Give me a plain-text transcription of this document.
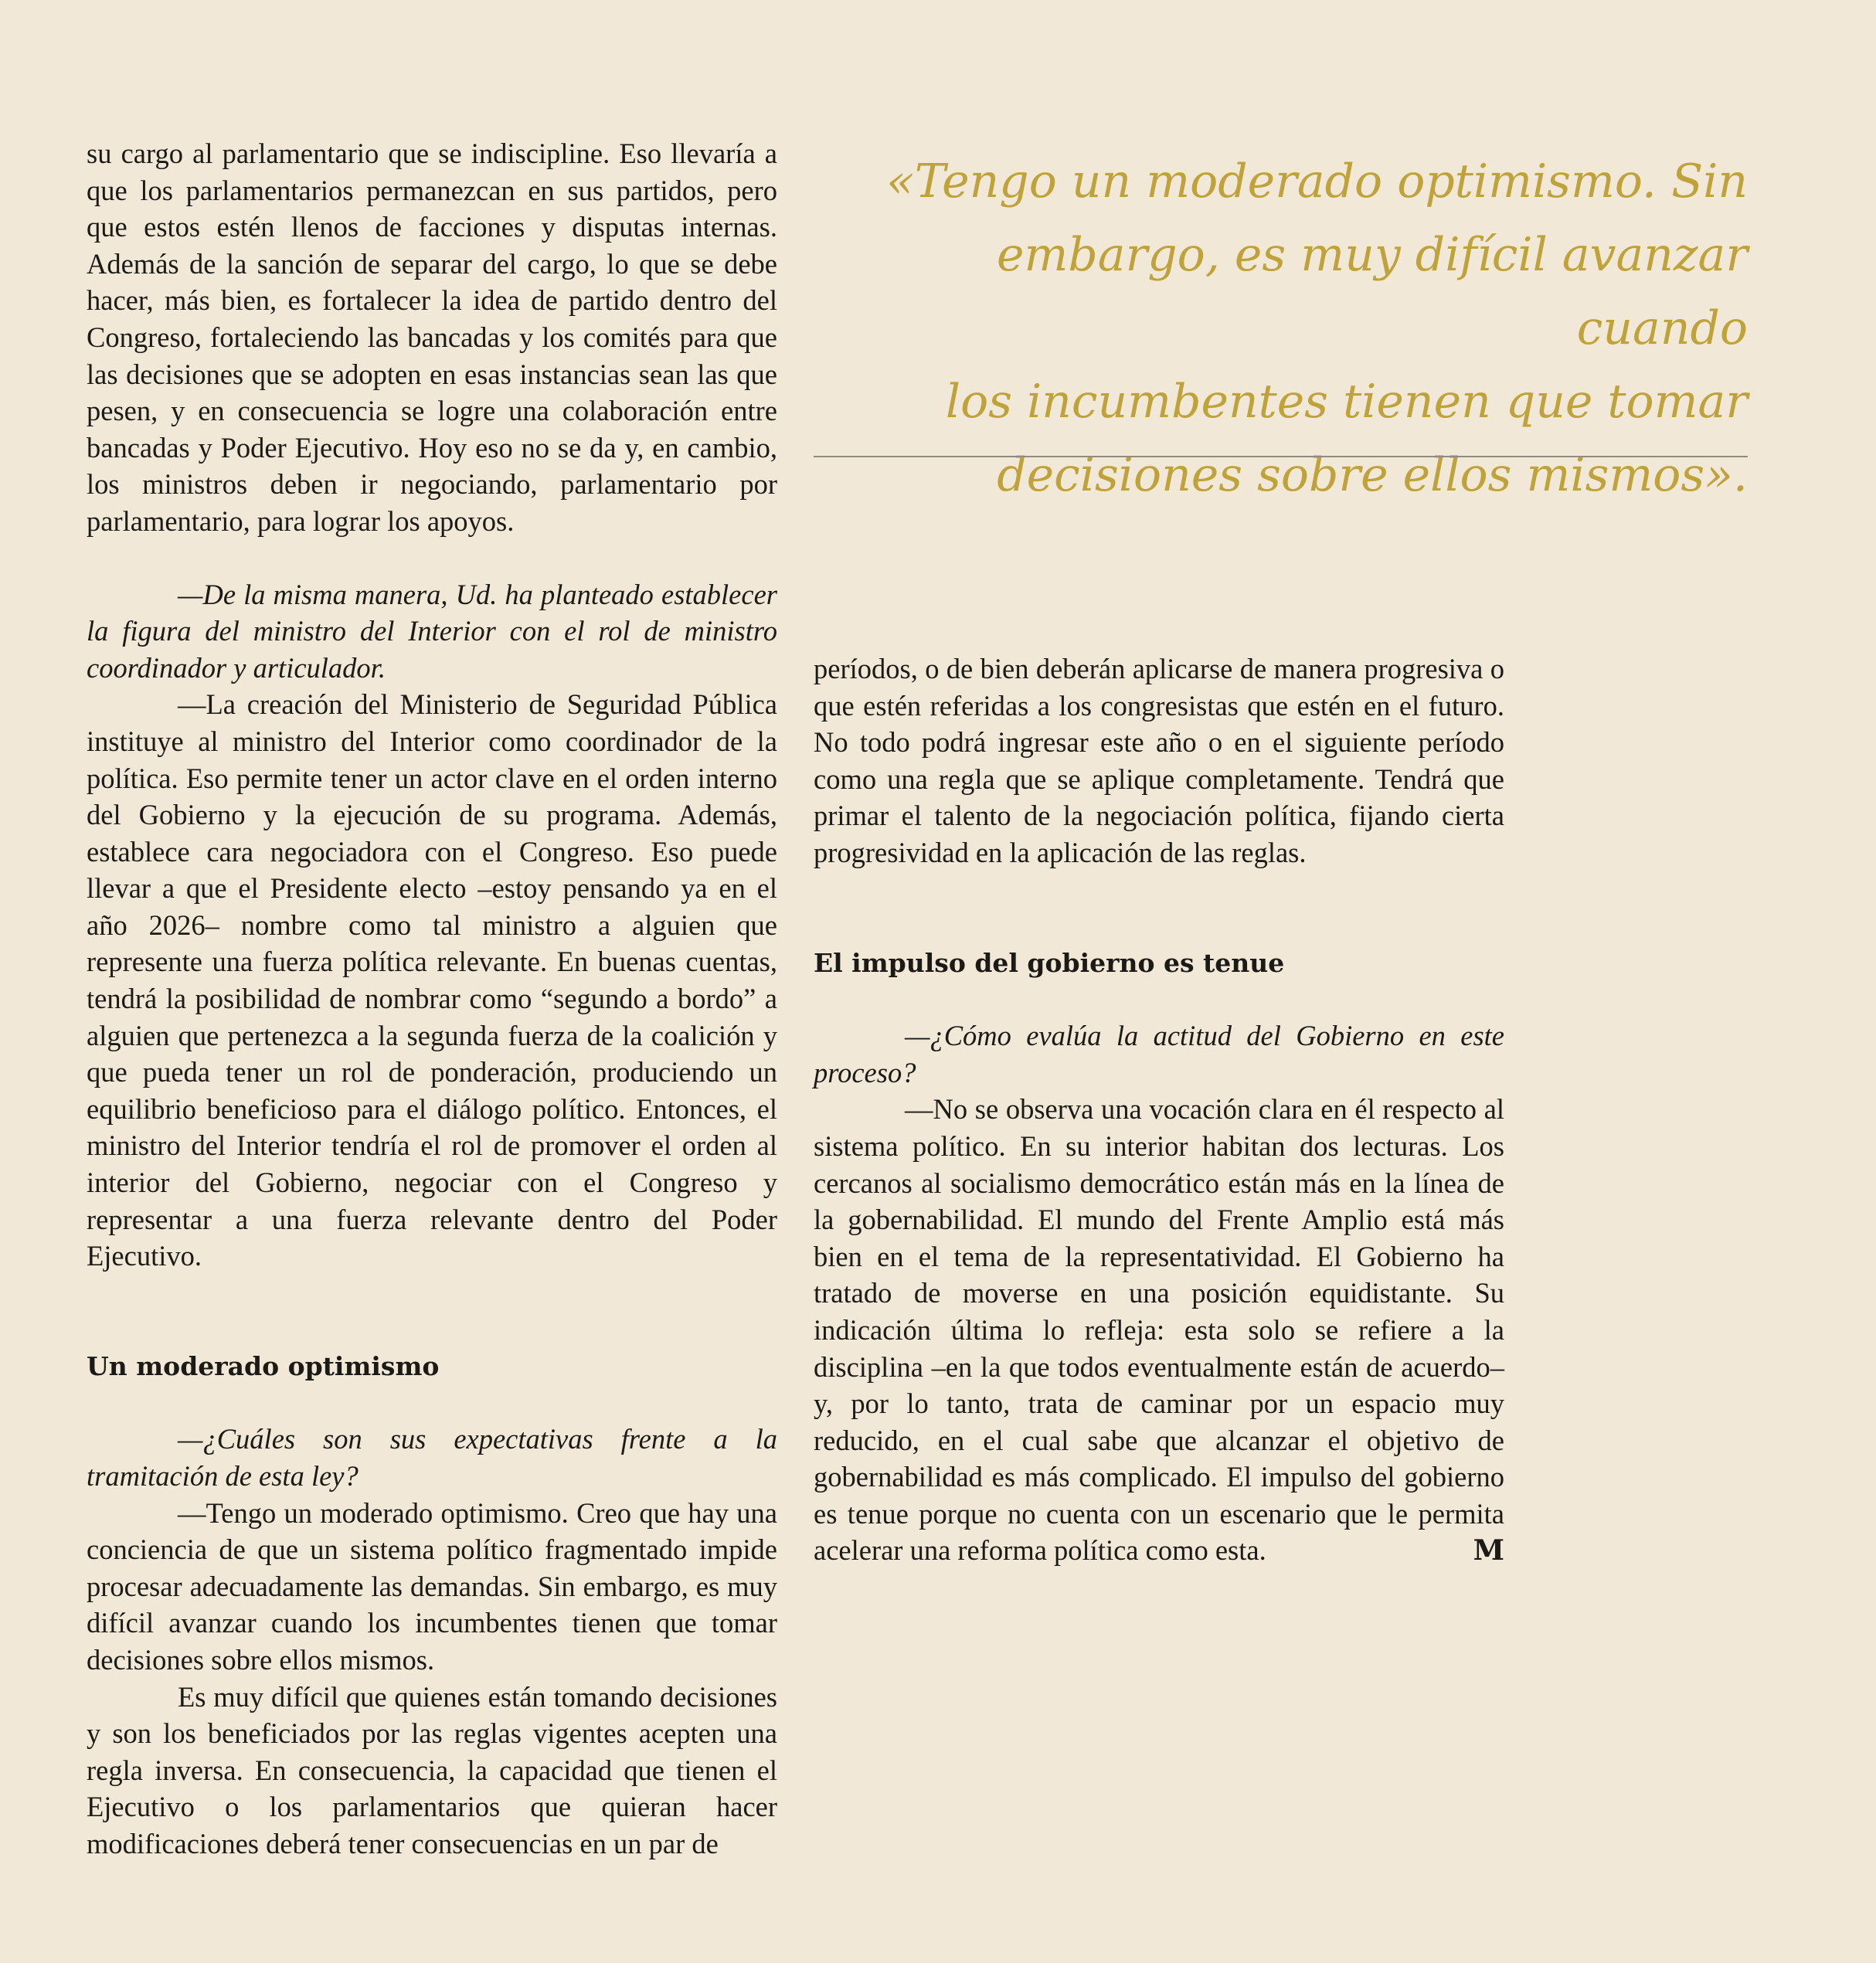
«Tengo un moderado optimismo. Sin
embargo, es muy difícil avanzar cuando
los incumbentes tienen que tomar
decisiones sobre ellos mismos».

su cargo al parlamentario que se indiscipline. Eso llevaría a que los parlamentarios permanezcan en sus partidos, pero que estos estén llenos de facciones y disputas internas. Además de la sanción de separar del cargo, lo que se debe hacer, más bien, es fortalecer la idea de partido dentro del Congreso, fortaleciendo las bancadas y los comités para que las decisiones que se adopten en esas instancias sean las que pesen, y en consecuencia se logre una colaboración entre bancadas y Poder Ejecutivo. Hoy eso no se da y, en cambio, los ministros deben ir negociando, parlamentario por parlamentario, para lograr los apoyos.

—De la misma manera, Ud. ha planteado establecer la figura del ministro del Interior con el rol de ministro coordinador y articulador.

—La creación del Ministerio de Seguridad Pública instituye al ministro del Interior como coordinador de la política. Eso permite tener un actor clave en el orden interno del Gobierno y la ejecución de su programa. Además, establece cara negociadora con el Congreso. Eso puede llevar a que el Presidente electo –estoy pensando ya en el año 2026– nombre como tal ministro a alguien que represente una fuerza política relevante. En buenas cuentas, tendrá la posibilidad de nombrar como “segundo a bordo” a alguien que pertenezca a la segunda fuerza de la coalición y que pueda tener un rol de ponderación, produciendo un equilibrio beneficioso para el diálogo político. Entonces, el ministro del Interior tendría el rol de promover el orden al interior del Gobierno, negociar con el Congreso y representar a una fuerza relevante dentro del Poder Ejecutivo.

Un moderado optimismo

—¿Cuáles son sus expectativas frente a la tramitación de esta ley?

—Tengo un moderado optimismo. Creo que hay una conciencia de que un sistema político fragmentado impide procesar adecuadamente las demandas. Sin embargo, es muy difícil avanzar cuando los incumbentes tienen que tomar decisiones sobre ellos mismos.

Es muy difícil que quienes están tomando decisiones y son los beneficiados por las reglas vigentes acepten una regla inversa. En consecuencia, la capacidad que tienen el Ejecutivo o los parlamentarios que quieran hacer modificaciones deberá tener consecuencias en un par de

períodos, o de bien deberán aplicarse de manera progresiva o que estén referidas a los congresistas que estén en el futuro. No todo podrá ingresar este año o en el siguiente período como una regla que se aplique completamente. Tendrá que primar el talento de la negociación política, fijando cierta progresividad en la aplicación de las reglas.

El impulso del gobierno es tenue

—¿Cómo evalúa la actitud del Gobierno en este proceso?

—No se observa una vocación clara en él respecto al sistema político. En su interior habitan dos lecturas. Los cercanos al socialismo democrático están más en la línea de la gobernabilidad. El mundo del Frente Amplio está más bien en el tema de la representatividad. El Gobierno ha tratado de moverse en una posición equidistante. Su indicación última lo refleja: esta solo se refiere a la disciplina –en la que todos eventualmente están de acuerdo– y, por lo tanto, trata de caminar por un espacio muy reducido, en el cual sabe que alcanzar el objetivo de gobernabilidad es más complicado. El impulso del gobierno es tenue porque no cuenta con un escenario que le permita acelerar una reforma política como esta.	M
